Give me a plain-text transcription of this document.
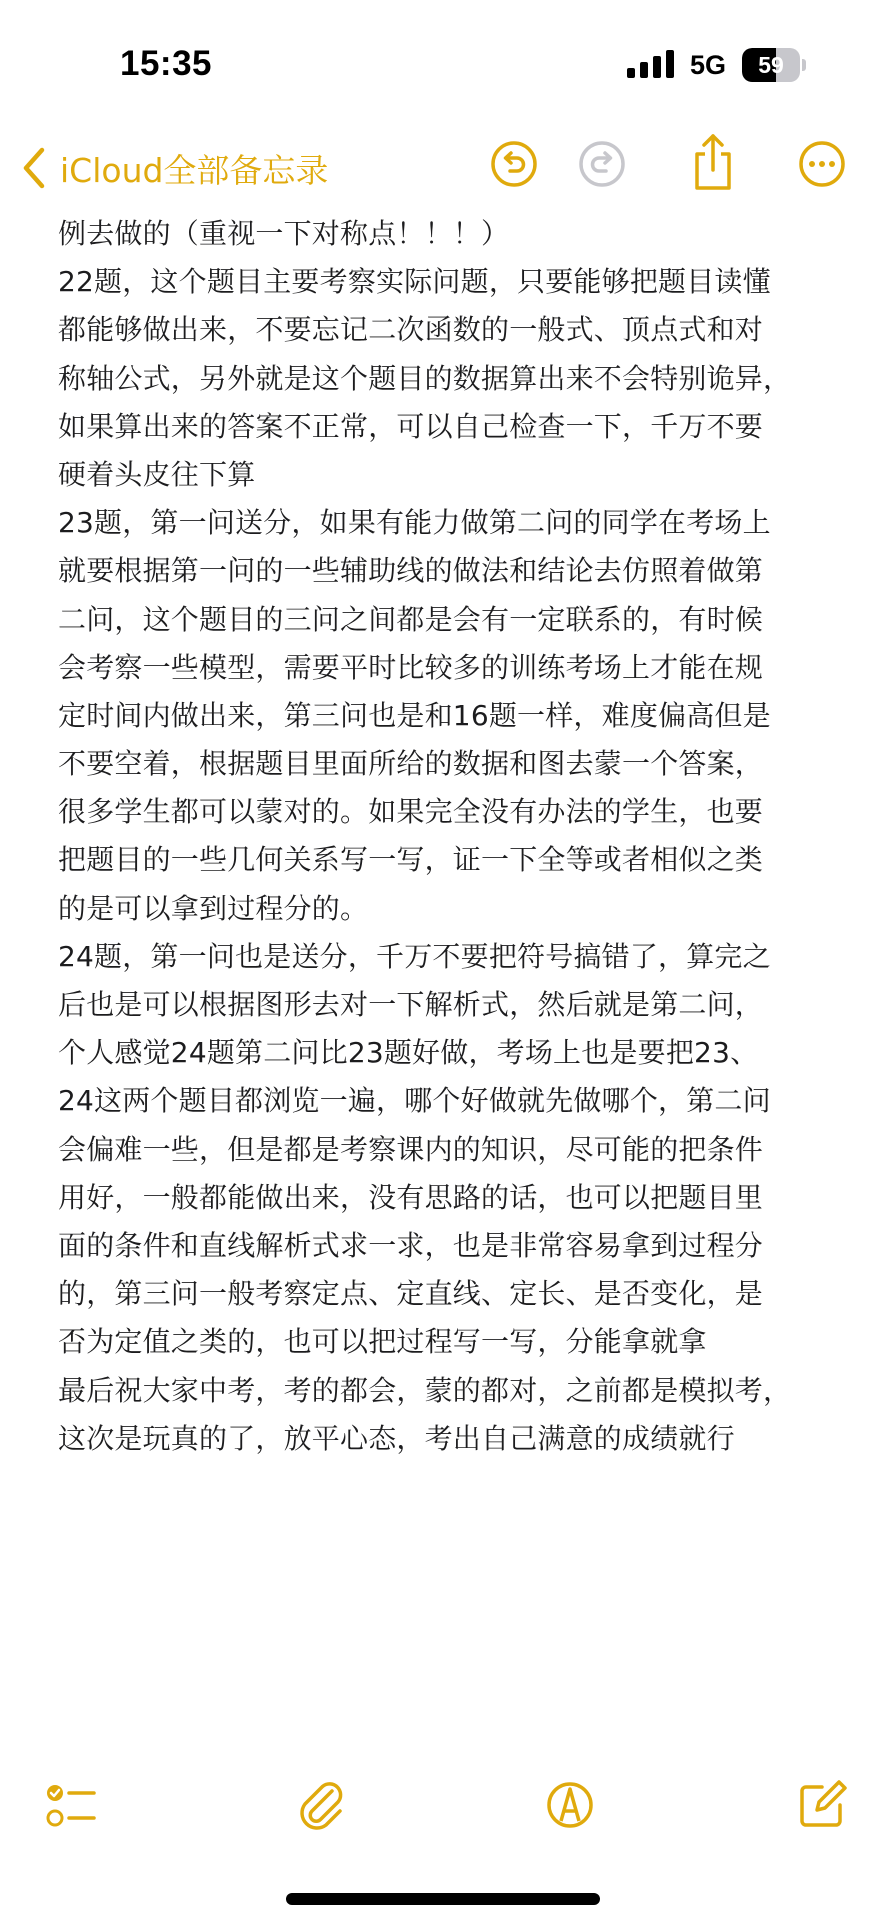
15:35	5G	59
iCloud全部备忘录
例去做的（重视一下对称点！！！）
22题，这个题目主要考察实际问题，只要能够把题目读懂
都能够做出来，不要忘记二次函数的一般式、顶点式和对
称轴公式，另外就是这个题目的数据算出来不会特别诡异，
如果算出来的答案不正常，可以自己检查一下，千万不要
硬着头皮往下算
23题，第一问送分，如果有能力做第二问的同学在考场上
就要根据第一问的一些辅助线的做法和结论去仿照着做第
二问，这个题目的三问之间都是会有一定联系的，有时候
会考察一些模型，需要平时比较多的训练考场上才能在规
定时间内做出来，第三问也是和16题一样，难度偏高但是
不要空着，根据题目里面所给的数据和图去蒙一个答案，
很多学生都可以蒙对的。如果完全没有办法的学生，也要
把题目的一些几何关系写一写，证一下全等或者相似之类
的是可以拿到过程分的。
24题，第一问也是送分，千万不要把符号搞错了，算完之
后也是可以根据图形去对一下解析式，然后就是第二问，
个人感觉24题第二问比23题好做，考场上也是要把23、
24这两个题目都浏览一遍，哪个好做就先做哪个，第二问
会偏难一些，但是都是考察课内的知识，尽可能的把条件
用好，一般都能做出来，没有思路的话，也可以把题目里
面的条件和直线解析式求一求，也是非常容易拿到过程分
的，第三问一般考察定点、定直线、定长、是否变化，是
否为定值之类的，也可以把过程写一写，分能拿就拿
最后祝大家中考，考的都会，蒙的都对，之前都是模拟考，
这次是玩真的了，放平心态，考出自己满意的成绩就行
